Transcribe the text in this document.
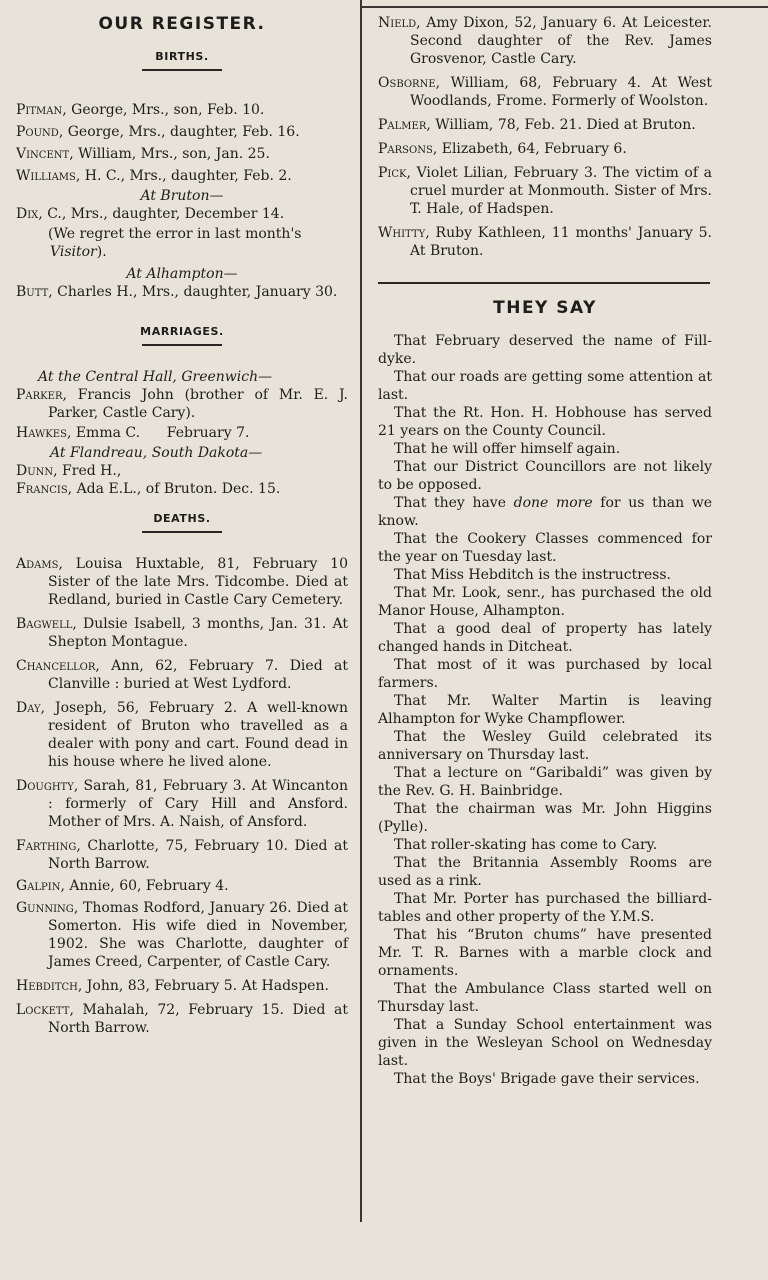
OUR REGISTER.
BIRTHS.
Pitman, George, Mrs., son, Feb. 10.
Pound, George, Mrs., daughter, Feb. 16.
Vincent, William, Mrs., son, Jan. 25.
Williams, H. C., Mrs., daughter, Feb. 2.
At Bruton—
Dix, C., Mrs., daughter, December 14.
(We regret the error in last month's Visitor).
At Alhampton—
Butt, Charles H., Mrs., daughter, January 30.
MARRIAGES.
At the Central Hall, Greenwich—
Parker, Francis John (brother of Mr. E. J. Parker, Castle Cary).
Hawkes, Emma C.      February 7.
At Flandreau, South Dakota—
Dunn, Fred H.,
Francis, Ada E.L., of Bruton. Dec. 15.
DEATHS.
Adams, Louisa Huxtable, 81, February 10 Sister of the late Mrs. Tidcombe. Died at Redland, buried in Castle Cary Cemetery.
Bagwell, Dulsie Isabell, 3 months, Jan. 31. At Shepton Montague.
Chancellor, Ann, 62, February 7. Died at Clanville : buried at West Lydford.
Day, Joseph, 56, February 2. A well-known resident of Bruton who travelled as a dealer with pony and cart. Found dead in his house where he lived alone.
Doughty, Sarah, 81, February 3. At Wincanton : formerly of Cary Hill and Ansford. Mother of Mrs. A. Naish, of Ansford.
Farthing, Charlotte, 75, February 10. Died at North Barrow.
Galpin, Annie, 60, February 4.
Gunning, Thomas Rodford, January 26. Died at Somerton. His wife died in November, 1902. She was Charlotte, daughter of James Creed, Carpenter, of Castle Cary.
Hebditch, John, 83, February 5. At Hadspen.
Lockett, Mahalah, 72, February 15. Died at North Barrow.
Nield, Amy Dixon, 52, January 6. At Leicester. Second daughter of the Rev. James Grosvenor, Castle Cary.
Osborne, William, 68, February 4. At West Woodlands, Frome. Formerly of Woolston.
Palmer, William, 78, Feb. 21. Died at Bruton.
Parsons, Elizabeth, 64, February 6.
Pick, Violet Lilian, February 3. The victim of a cruel murder at Monmouth. Sister of Mrs. T. Hale, of Hadspen.
Whitty, Ruby Kathleen, 11 months' January 5. At Bruton.
THEY SAY
That February deserved the name of Fill-dyke.
That our roads are getting some attention at last.
That the Rt. Hon. H. Hobhouse has served 21 years on the County Council.
That he will offer himself again.
That our District Councillors are not likely to be opposed.
That they have done more for us than we know.
That the Cookery Classes commenced for the year on Tuesday last.
That Miss Hebditch is the instructress.
That Mr. Look, senr., has purchased the old Manor House, Alhampton.
That a good deal of property has lately changed hands in Ditcheat.
That most of it was purchased by local farmers.
That Mr. Walter Martin is leaving Alhampton for Wyke Champflower.
That the Wesley Guild celebrated its anniversary on Thursday last.
That a lecture on “Garibaldi” was given by the Rev. G. H. Bainbridge.
That the chairman was Mr. John Higgins (Pylle).
That roller-skating has come to Cary.
That the Britannia Assembly Rooms are used as a rink.
That Mr. Porter has purchased the billiard-tables and other property of the Y.M.S.
That his “Bruton chums” have presented Mr. T. R. Barnes with a marble clock and ornaments.
That the Ambulance Class started well on Thursday last.
That a Sunday School entertainment was given in the Wesleyan School on Wednesday last.
That the Boys' Brigade gave their services.
